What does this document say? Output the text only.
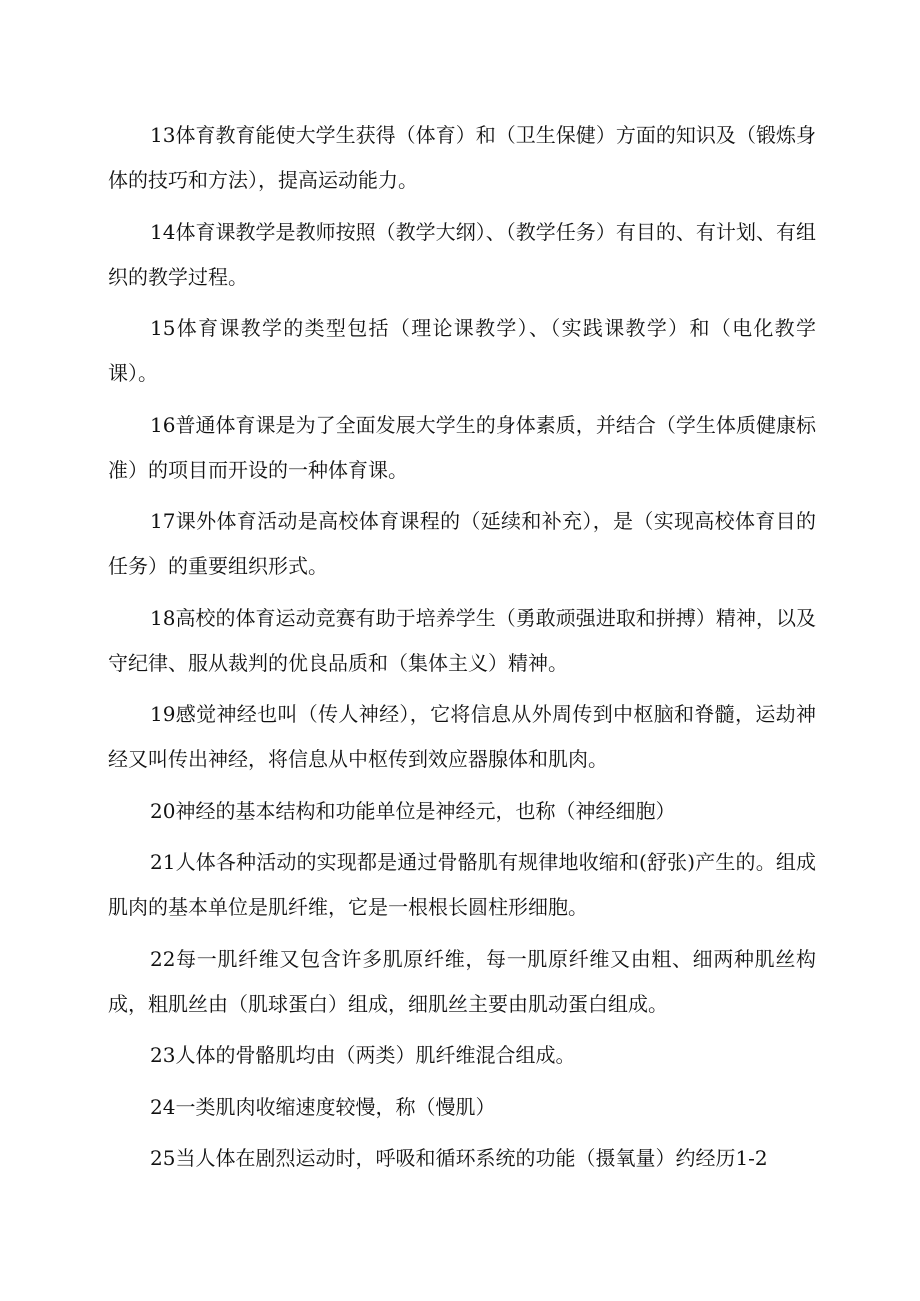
13体育教育能使大学生获得（体育）和（卫生保健）方面的知识及（锻炼身体的技巧和方法），提高运动能力。

14体育课教学是教师按照（教学大纲）、（教学任务）有目的、有计划、有组织的教学过程。

15体育课教学的类型包括（理论课教学）、（实践课教学）和（电化教学课）。

16普通体育课是为了全面发展大学生的身体素质，并结合（学生体质健康标准）的项目而开设的一种体育课。

17课外体育活动是高校体育课程的（延续和补充），是（实现高校体育目的任务）的重要组织形式。

18高校的体育运动竞赛有助于培养学生（勇敢顽强进取和拼搏）精神，以及守纪律、服从裁判的优良品质和（集体主义）精神。

19感觉神经也叫（传人神经），它将信息从外周传到中枢脑和脊髓，运劫神经又叫传出神经，将信息从中枢传到效应器腺体和肌肉。

20神经的基本结构和功能单位是神经元，也称（神经细胞）

21人体各种活动的实现都是通过骨骼肌有规律地收缩和(舒张)产生的。组成肌肉的基本单位是肌纤维，它是一根根长圆柱形细胞。

22每一肌纤维又包含许多肌原纤维，每一肌原纤维又由粗、细两种肌丝构成，粗肌丝由（肌球蛋白）组成，细肌丝主要由肌动蛋白组成。

23人体的骨骼肌均由（两类）肌纤维混合组成。

24一类肌肉收缩速度较慢，称（慢肌）

25当人体在剧烈运动时，呼吸和循环系统的功能（摄氧量）约经历1-2
